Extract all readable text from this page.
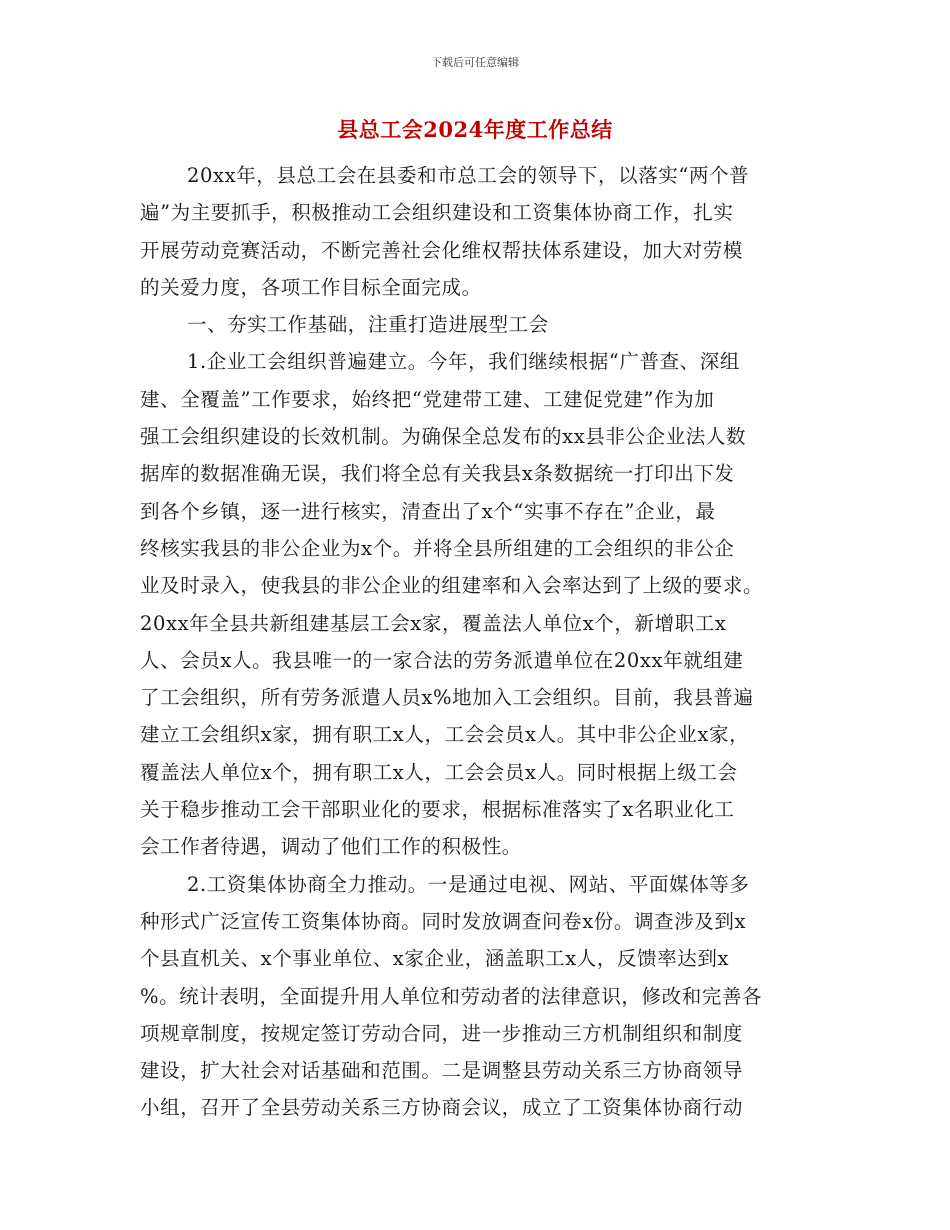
下载后可任意编辑
县总工会2024年度工作总结
20xx年，县总工会在县委和市总工会的领导下，以落实“两个普
遍”为主要抓手，积极推动工会组织建设和工资集体协商工作，扎实
开展劳动竞赛活动，不断完善社会化维权帮扶体系建设，加大对劳模
的关爱力度，各项工作目标全面完成。
一、夯实工作基础，注重打造进展型工会
1.企业工会组织普遍建立。今年，我们继续根据“广普查、深组
建、全覆盖”工作要求，始终把“党建带工建、工建促党建”作为加
强工会组织建设的长效机制。为确保全总发布的xx县非公企业法人数
据库的数据准确无误，我们将全总有关我县x条数据统一打印出下发
到各个乡镇，逐一进行核实，清查出了x个“实事不存在”企业，最
终核实我县的非公企业为x个。并将全县所组建的工会组织的非公企
业及时录入，使我县的非公企业的组建率和入会率达到了上级的要求。
20xx年全县共新组建基层工会x家，覆盖法人单位x个，新增职工x
人、会员x人。我县唯一的一家合法的劳务派遣单位在20xx年就组建
了工会组织，所有劳务派遣人员x%地加入工会组织。目前，我县普遍
建立工会组织x家，拥有职工x人，工会会员x人。其中非公企业x家，
覆盖法人单位x个，拥有职工x人，工会会员x人。同时根据上级工会
关于稳步推动工会干部职业化的要求，根据标准落实了x名职业化工
会工作者待遇，调动了他们工作的积极性。
2.工资集体协商全力推动。一是通过电视、网站、平面媒体等多
种形式广泛宣传工资集体协商。同时发放调查问卷x份。调查涉及到x
个县直机关、x个事业单位、x家企业，涵盖职工x人，反馈率达到x
%。统计表明，全面提升用人单位和劳动者的法律意识，修改和完善各
项规章制度，按规定签订劳动合同，进一步推动三方机制组织和制度
建设，扩大社会对话基础和范围。二是调整县劳动关系三方协商领导
小组，召开了全县劳动关系三方协商会议，成立了工资集体协商行动
